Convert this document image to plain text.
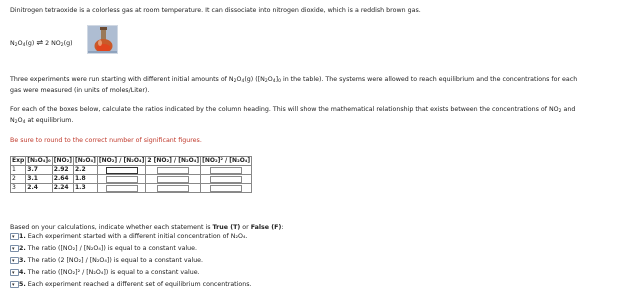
Dinitrogen tetraoxide is a colorless gas at room temperature. It can dissociate into nitrogen dioxide, which is a reddish brown gas.

$N_2O_4(g)$ ⇌ 2 $NO_2(g)$

Three experiments were run starting with different initial amounts of $N_2O_4(g)$ ($[N_2O_4]_0$ in the table). The systems were allowed to reach equilibrium and the concentrations for each

gas were measured (in units of moles/Liter).

For each of the boxes below, calculate the ratios indicated by the column heading. This will show the mathematical relationship that exists between the concentrations of $NO_2$ and

$N_2O_4$ at equilibrium.

Be sure to round to the correct number of significant figures.

Exp	[N₂O₄]₀	[NO₂]	[N₂O₄]	[NO₂] / [N₂O₄]	2 [NO₂] / [N₂O₄]	[NO₂]² / [N₂O₄]
1	3.7	2.92	2.2	

2	3.1	2.64	1.8	

3	2.4	2.24	1.3	

Based on your calculations, indicate whether each statement is True (T) or False (F):

▾ 1. Each experiment started with a different initial concentration of N₂O₄.
▾ 2. The ratio ([NO₂] / [N₂O₄]) is equal to a constant value.
▾ 3. The ratio (2 [NO₂] / [N₂O₄]) is equal to a constant value.
▾ 4. The ratio ([NO₂]² / [N₂O₄]) is equal to a constant value.
▾ 5. Each experiment reached a different set of equilibrium concentrations.
